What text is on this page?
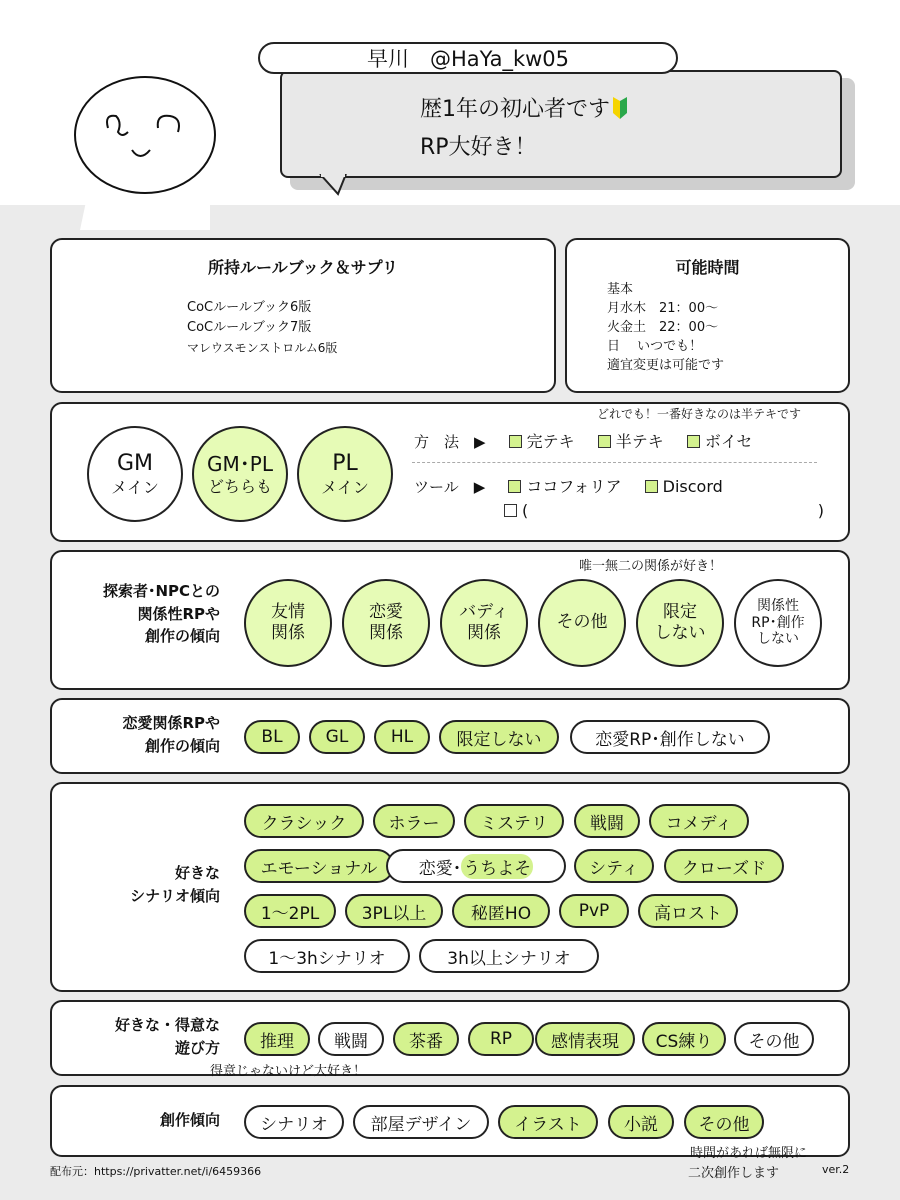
早川　@HaYa_kw05
歴1年の初心者です
RP大好き！
所持ルールブック＆サプリ
CoCルールブック6版
CoCルールブック7版
マレウスモンストロルム6版
可能時間
基本
月水木　21：00〜
火金土　22：00〜
日　 いつでも！
適宜変更は可能です
GM
メイン
GM･PL
どちらも
PL
メイン
どれでも！一番好きなのは半テキです
方　法　▶	完テキ	半テキ	ボイセ
ツール　▶	ココフォリア	Discord
(	)
探索者･NPCとの
関係性RPや
創作の傾向
唯一無二の関係が好き！
友情
関係
恋愛
関係
バディ
関係
その他
限定
しない
関係性
RP･創作
しない
恋愛関係RPや
創作の傾向	BL	GL	HL	限定しない	恋愛RP･創作しない
好きな
シナリオ傾向
クラシック	ホラー	ミステリ	戦闘	コメディ
エモーショナル	恋愛･ うちよそ	シティ	クローズド
1〜2PL	3PL以上	秘匿HO	PvP	高ロスト
1〜3hシナリオ	3h以上シナリオ
好きな・得意な
遊び方	推理	戦闘	茶番	RP	感情表現	CS練り	その他
得意じゃないけど大好き！
創作傾向	シナリオ	部屋デザイン	イラスト	小説	その他
時間があれば無限に
二次創作します
配布元：https://privatter.net/i/6459366	ver.2
